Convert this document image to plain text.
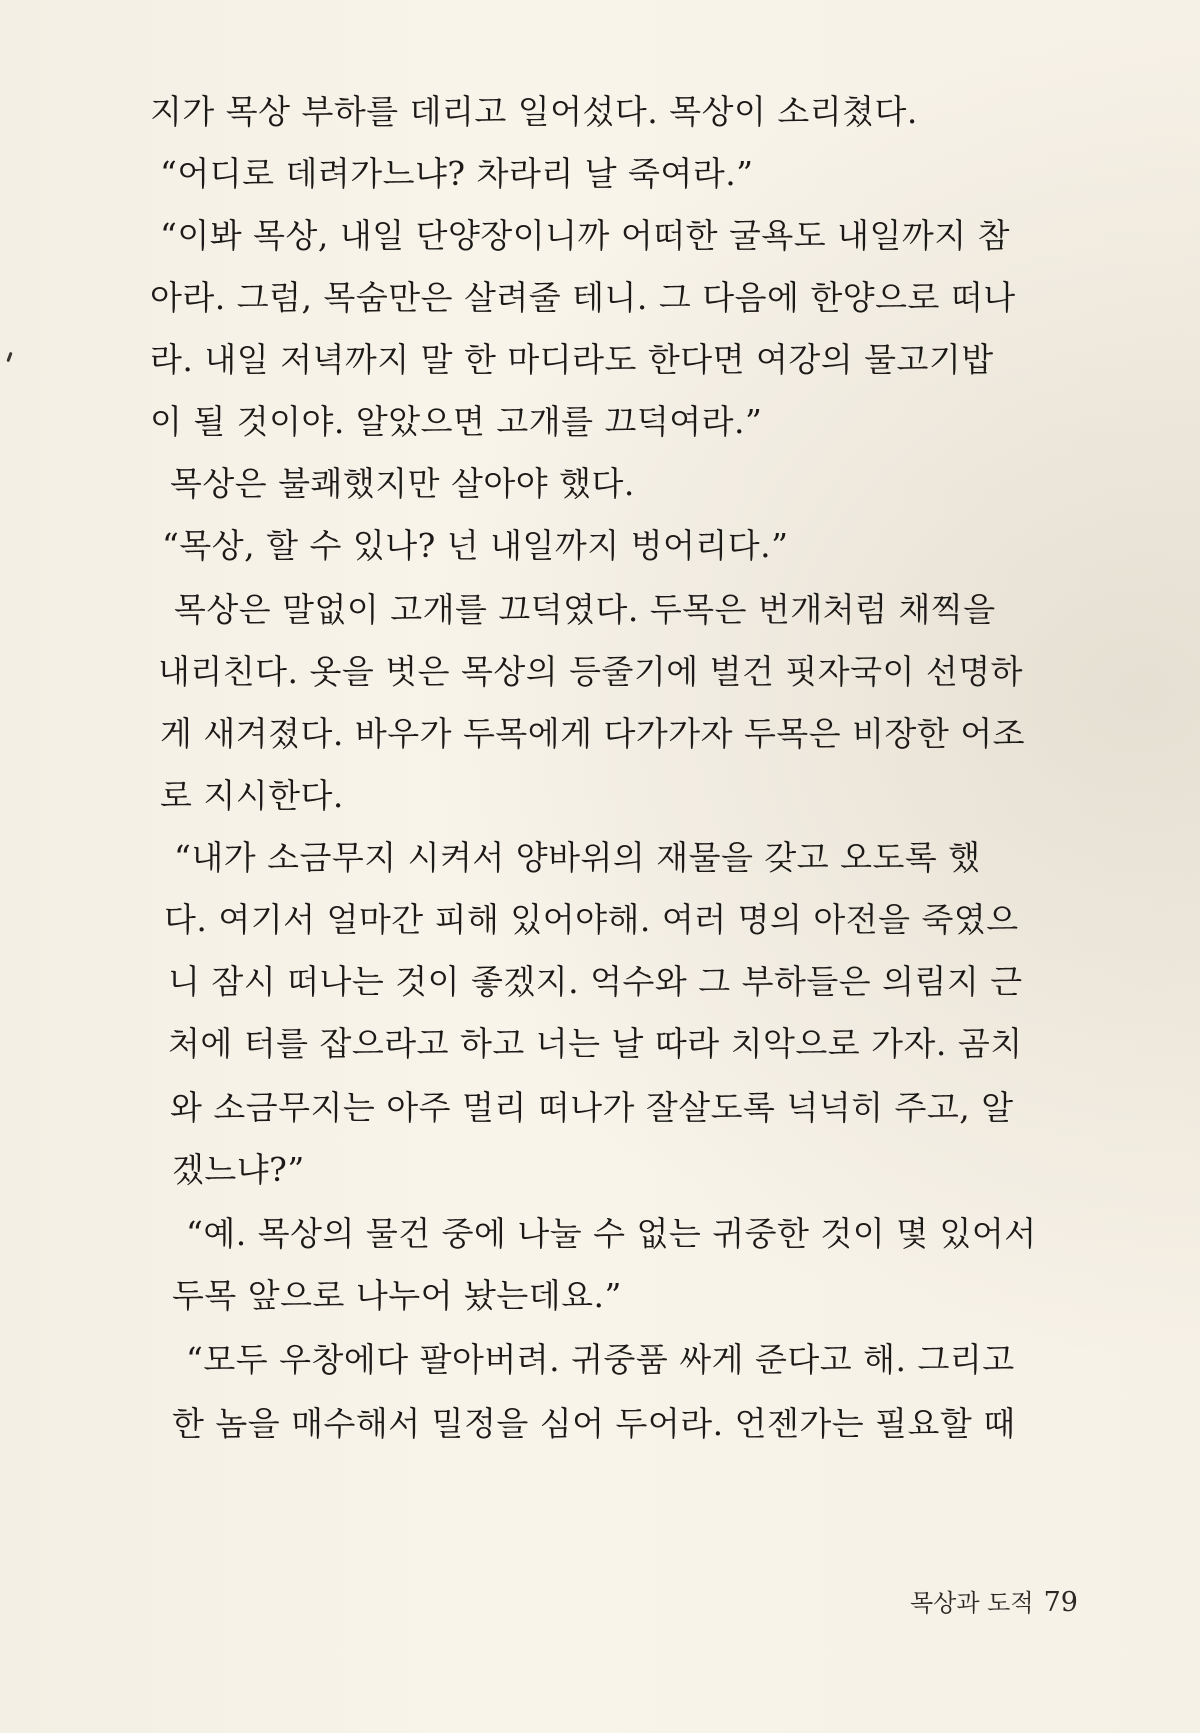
지가 목상 부하를 데리고 일어섰다. 목상이 소리쳤다.
“어디로 데려가느냐? 차라리 날 죽여라.”
“이봐 목상, 내일 단양장이니까 어떠한 굴욕도 내일까지 참
아라. 그럼, 목숨만은 살려줄 테니. 그 다음에 한양으로 떠나
라. 내일 저녁까지 말 한 마디라도 한다면 여강의 물고기밥
이 될 것이야. 알았으면 고개를 끄덕여라.”
목상은 불쾌했지만 살아야 했다.
“목상, 할 수 있나? 넌 내일까지 벙어리다.”
목상은 말없이 고개를 끄덕였다. 두목은 번개처럼 채찍을
내리친다. 옷을 벗은 목상의 등줄기에 벌건 핏자국이 선명하
게 새겨졌다. 바우가 두목에게 다가가자 두목은 비장한 어조
로 지시한다.
“내가 소금무지 시켜서 양바위의 재물을 갖고 오도록 했
다. 여기서 얼마간 피해 있어야해. 여러 명의 아전을 죽였으
니 잠시 떠나는 것이 좋겠지. 억수와 그 부하들은 의림지 근
처에 터를 잡으라고 하고 너는 날 따라 치악으로 가자. 곰치
와 소금무지는 아주 멀리 떠나가 잘살도록 넉넉히 주고, 알
겠느냐?”
“예. 목상의 물건 중에 나눌 수 없는 귀중한 것이 몇 있어서
두목 앞으로 나누어 놨는데요.”
“모두 우창에다 팔아버려. 귀중품 싸게 준다고 해. 그리고
한 놈을 매수해서 밀정을 심어 두어라. 언젠가는 필요할 때
목상과 도적 79
